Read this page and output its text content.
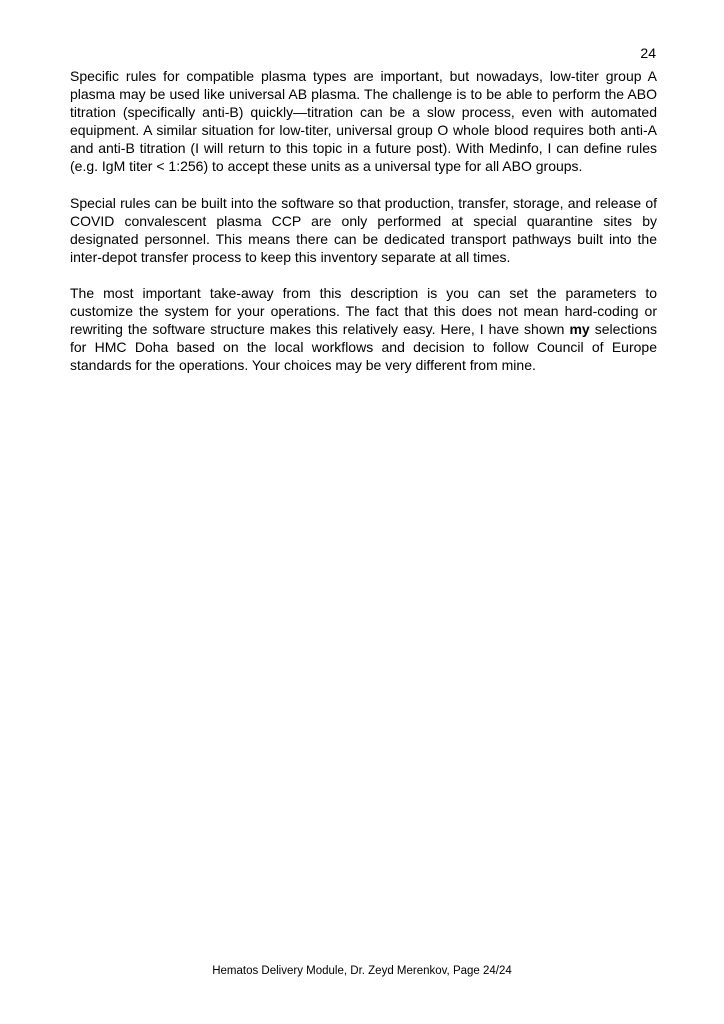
24

Specific rules for compatible plasma types are important, but nowadays, low-titer group A plasma may be used like universal AB plasma. The challenge is to be able to perform the ABO titration (specifically anti-B) quickly—titration can be a slow process, even with automated equipment. A similar situation for low-titer, universal group O whole blood requires both anti-A and anti-B titration (I will return to this topic in a future post). With Medinfo, I can define rules (e.g. IgM titer < 1:256) to accept these units as a universal type for all ABO groups.

Special rules can be built into the software so that production, transfer, storage, and release of COVID convalescent plasma CCP are only performed at special quarantine sites by designated personnel. This means there can be dedicated transport pathways built into the inter-depot transfer process to keep this inventory separate at all times.

The most important take-away from this description is you can set the parameters to customize the system for your operations. The fact that this does not mean hard-coding or rewriting the software structure makes this relatively easy. Here, I have shown my selections for HMC Doha based on the local workflows and decision to follow Council of Europe standards for the operations. Your choices may be very different from mine.

Hematos Delivery Module, Dr. Zeyd Merenkov, Page 24/24
